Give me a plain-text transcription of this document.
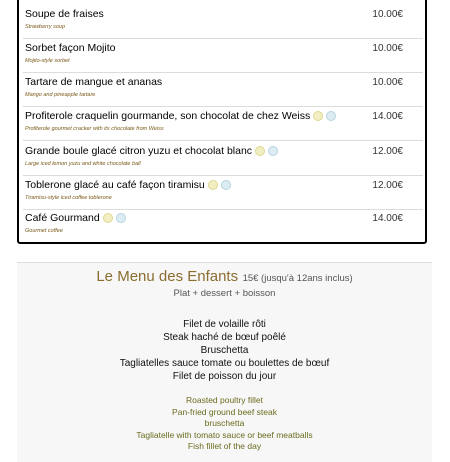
Soupe de fraises	10.00€
Strawberry soup
Sorbet façon Mojito	10.00€
Mojito-style sorbet
Tartare de mangue et ananas	10.00€
Mango and pineapple tartare
Profiterole craquelin gourmande, son chocolat de chez Weiss	14.00€
Profiterole gourmet cracker with its chocolate from Weiss
Grande boule glacé citron yuzu et chocolat blanc	12.00€
Large iced lemon yuzu and white chocolate ball
Toblerone glacé au café façon tiramisu	12.00€
Tiramisu-style iced coffee toblerone
Café Gourmand	14.00€
Gourmet coffee
Le Menu des Enfants 15€ (jusqu'à 12ans inclus)
Plat + dessert + boisson
Filet de volaille rôti
Steak haché de bœuf poêlé
Bruschetta
Tagliatelles sauce tomate ou boulettes de bœuf
Filet de poisson du jour
Roasted poultry fillet
Pan-fried ground beef steak
bruschetta
Tagliatelle with tomato sauce or beef meatballs
Fish fillet of the day
